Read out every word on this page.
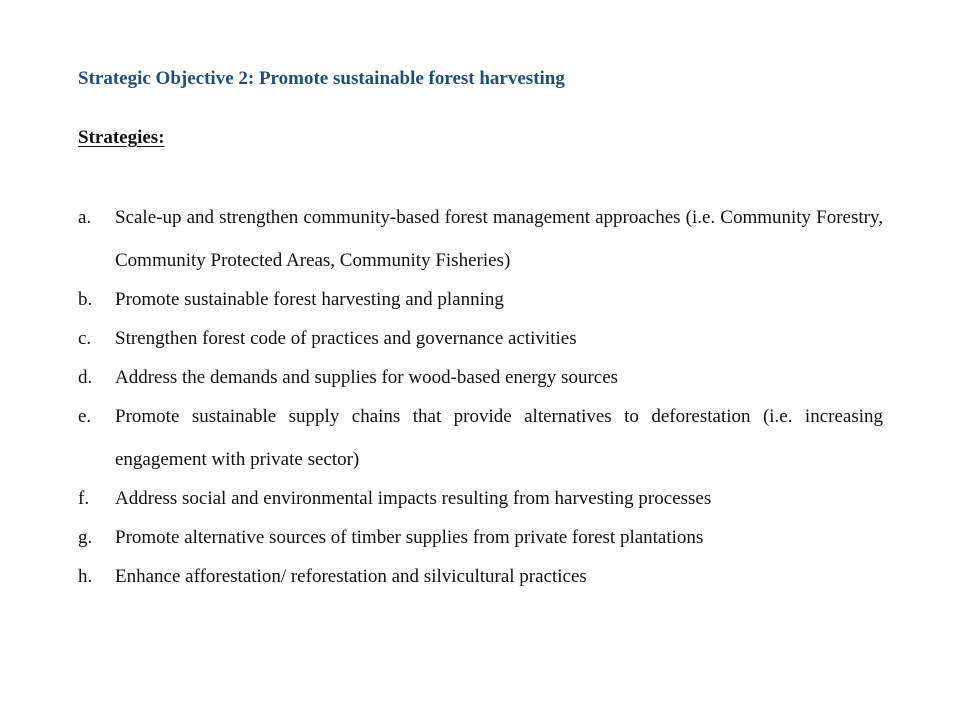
Strategic Objective 2: Promote sustainable forest harvesting
Strategies:
a.	Scale-up and strengthen community-based forest management approaches (i.e. Community Forestry, Community Protected Areas, Community Fisheries)
b.	Promote sustainable forest harvesting and planning
c.	Strengthen forest code of practices and governance activities
d.	Address the demands and supplies for wood-based energy sources
e.	Promote sustainable supply chains that provide alternatives to deforestation (i.e. increasing engagement with private sector)
f.	Address social and environmental impacts resulting from harvesting processes
g.	Promote alternative sources of timber supplies from private forest plantations
h.	Enhance afforestation/ reforestation and silvicultural practices
